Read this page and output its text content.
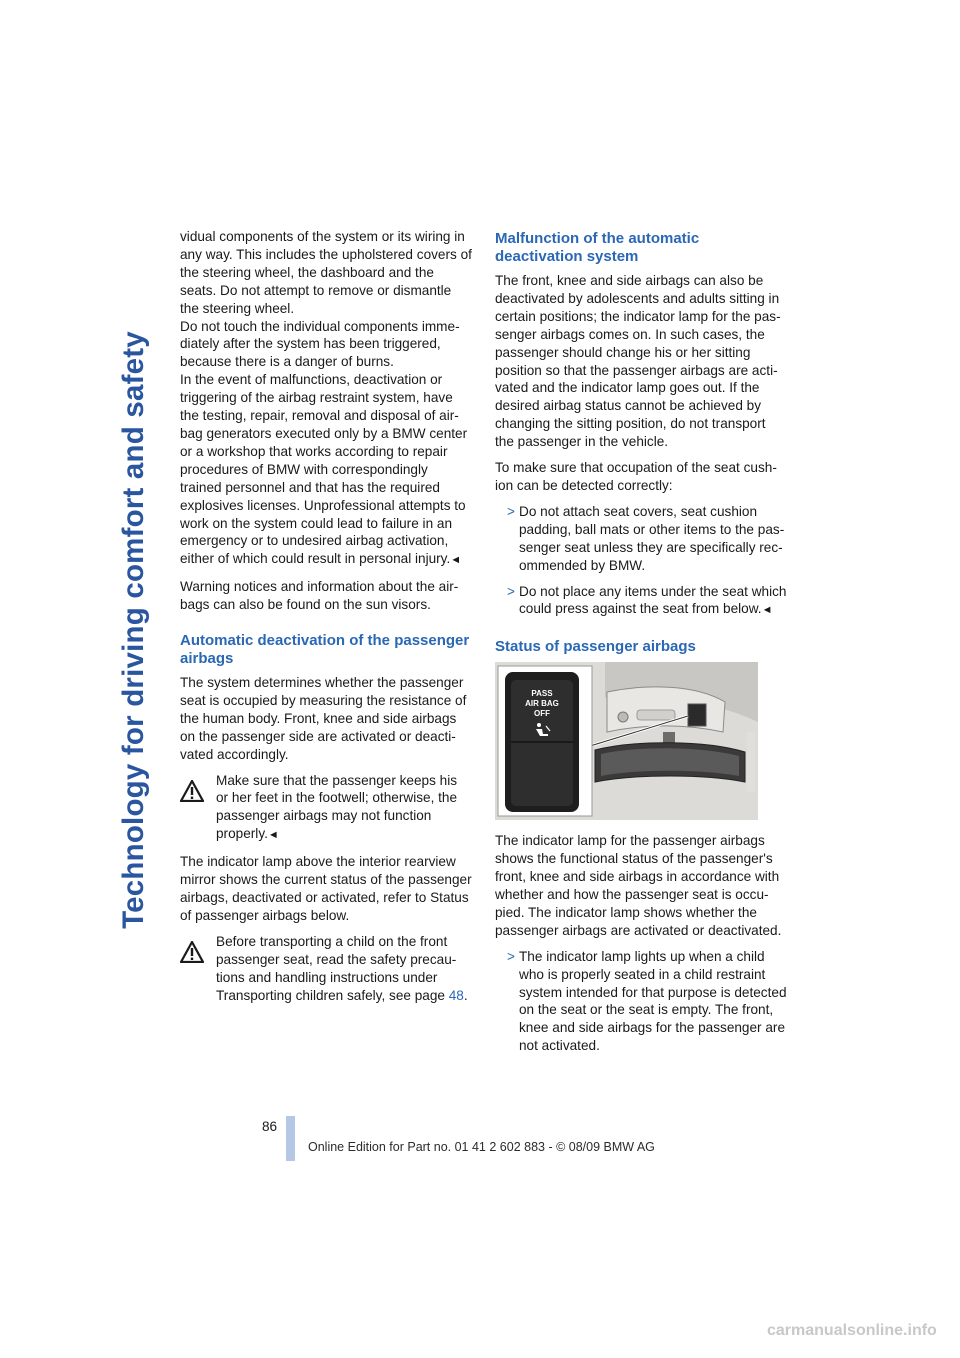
Technology for driving comfort and safety

vidual components of the system or its wiring in any way. This includes the upholstered covers of the steering wheel, the dashboard and the seats. Do not attempt to remove or dismantle the steering wheel.

Do not touch the individual components immediately after the system has been triggered, because there is a danger of burns.

In the event of malfunctions, deactivation or triggering of the airbag restraint system, have the testing, repair, removal and disposal of airbag generators executed only by a BMW center or a workshop that works according to repair procedures of BMW with correspondingly trained personnel and that has the required explosives licenses. Unprofessional attempts to work on the system could lead to failure in an emergency or to undesired airbag activation, either of which could result in personal injury.◄

Warning notices and information about the airbags can also be found on the sun visors.

Automatic deactivation of the passenger airbags

The system determines whether the passenger seat is occupied by measuring the resistance of the human body. Front, knee and side airbags on the passenger side are activated or deactivated accordingly.

Make sure that the passenger keeps his or her feet in the footwell; otherwise, the passenger airbags may not function properly.◄

The indicator lamp above the interior rearview mirror shows the current status of the passenger airbags, deactivated or activated, refer to Status of passenger airbags below.

Before transporting a child on the front passenger seat, read the safety precautions and handling instructions under Transporting children safely, see page 48.
Malfunction of the automatic deactivation system

The front, knee and side airbags can also be deactivated by adolescents and adults sitting in certain positions; the indicator lamp for the passenger airbags comes on. In such cases, the passenger should change his or her sitting position so that the passenger airbags are activated and the indicator lamp goes out. If the desired airbag status cannot be achieved by changing the sitting position, do not transport the passenger in the vehicle.

To make sure that occupation of the seat cushion can be detected correctly:

> Do not attach seat covers, seat cushion padding, ball mats or other items to the passenger seat unless they are specifically recommended by BMW.
> Do not place any items under the seat which could press against the seat from below.◄
Status of passenger airbags
PASS
AIR BAG
OFF

The indicator lamp for the passenger airbags shows the functional status of the passenger's front, knee and side airbags in accordance with whether and how the passenger seat is occupied. The indicator lamp shows whether the passenger airbags are activated or deactivated.

> The indicator lamp lights up when a child who is properly seated in a child restraint system intended for that purpose is detected on the seat or the seat is empty. The front, knee and side airbags for the passenger are not activated.
86
Online Edition for Part no. 01 41 2 602 883 - © 08/09 BMW AG
carmanualsonline.info
